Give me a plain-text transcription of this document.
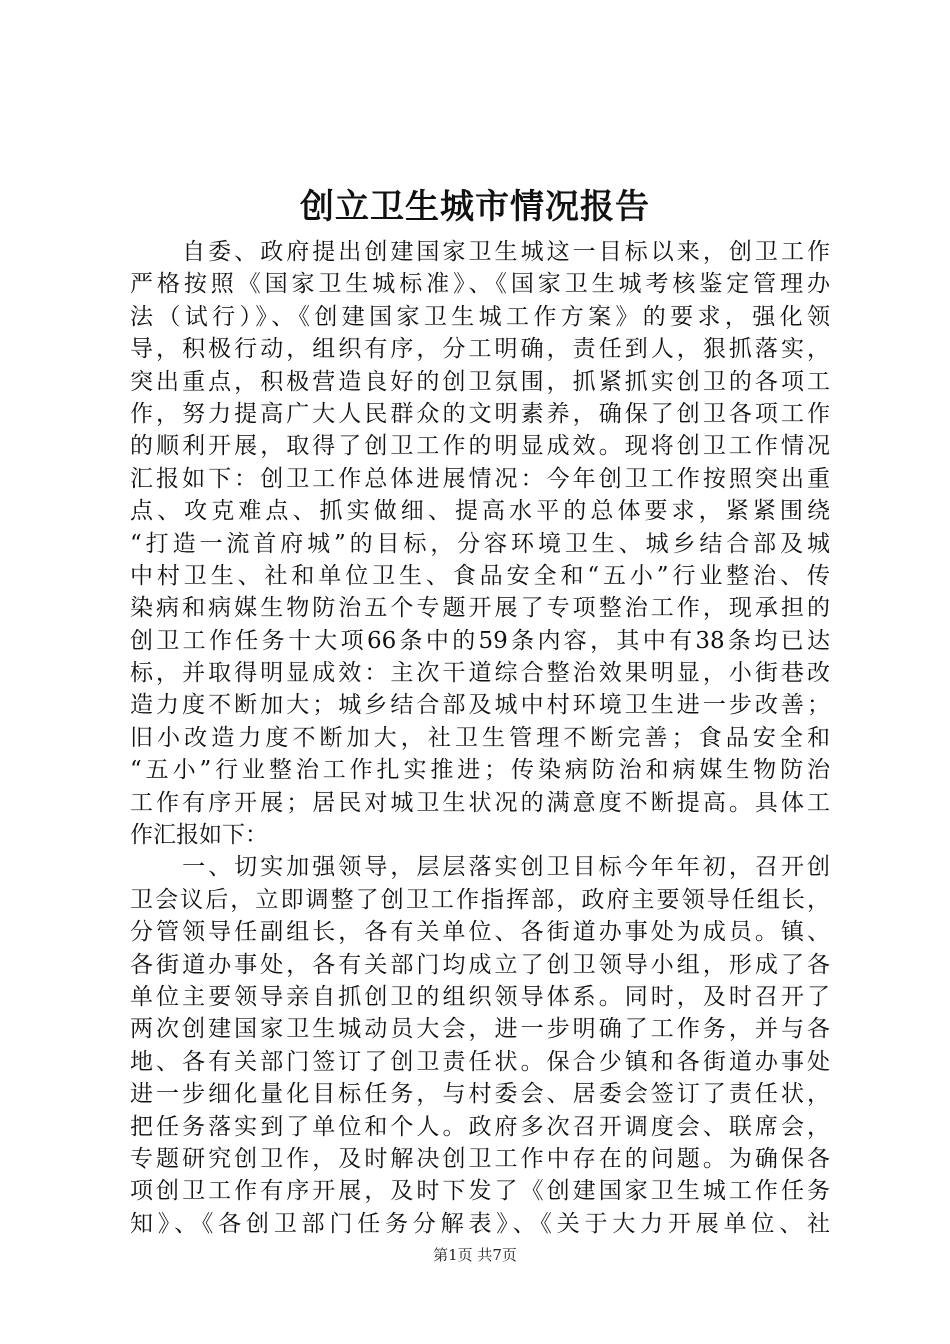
创立卫生城市情况报告
　　自委、政府提出创建国家卫生城这一目标以来，创卫工作
严格按照《国家卫生城标准》、《国家卫生城考核鉴定管理办
法（试行）》、《创建国家卫生城工作方案》的要求，强化领
导，积极行动，组织有序，分工明确，责任到人，狠抓落实，
突出重点，积极营造良好的创卫氛围，抓紧抓实创卫的各项工
作，努力提高广大人民群众的文明素养，确保了创卫各项工作
的顺利开展，取得了创卫工作的明显成效。现将创卫工作情况
汇报如下：创卫工作总体进展情况：今年创卫工作按照突出重
点、攻克难点、抓实做细、提高水平的总体要求，紧紧围绕
“打造一流首府城”的目标，分容环境卫生、城乡结合部及城
中村卫生、社和单位卫生、食品安全和“五小”行业整治、传
染病和病媒生物防治五个专题开展了专项整治工作，现承担的
创卫工作任务十大项66条中的59条内容，其中有38条均已达
标，并取得明显成效：主次干道综合整治效果明显，小街巷改
造力度不断加大；城乡结合部及城中村环境卫生进一步改善；
旧小改造力度不断加大，社卫生管理不断完善；食品安全和
“五小”行业整治工作扎实推进；传染病防治和病媒生物防治
工作有序开展；居民对城卫生状况的满意度不断提高。具体工
作汇报如下：
　　一、切实加强领导，层层落实创卫目标今年年初，召开创
卫会议后，立即调整了创卫工作指挥部，政府主要领导任组长，
分管领导任副组长，各有关单位、各街道办事处为成员。镇、
各街道办事处，各有关部门均成立了创卫领导小组，形成了各
单位主要领导亲自抓创卫的组织领导体系。同时，及时召开了
两次创建国家卫生城动员大会，进一步明确了工作务，并与各
地、各有关部门签订了创卫责任状。保合少镇和各街道办事处
进一步细化量化目标任务，与村委会、居委会签订了责任状，
把任务落实到了单位和个人。政府多次召开调度会、联席会，
专题研究创卫作，及时解决创卫工作中存在的问题。为确保各
项创卫工作有序开展，及时下发了《创建国家卫生城工作任务
知》、《各创卫部门任务分解表》、《关于大力开展单位、社
第1页 共7页
